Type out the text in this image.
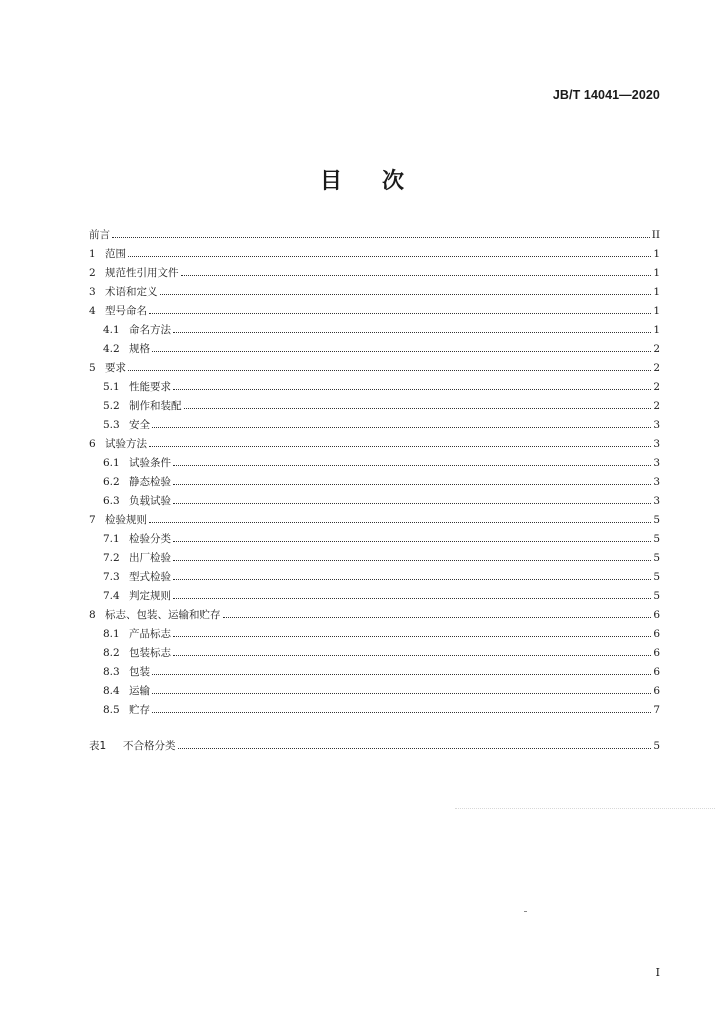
JB/T 14041—2020
目 次
前言	II
1 范围	1
2 规范性引用文件	1
3 术语和定义	1
4 型号命名	1
4.1 命名方法	1
4.2 规格	2
5 要求	2
5.1 性能要求	2
5.2 制作和装配	2
5.3 安全	3
6 试验方法	3
6.1 试验条件	3
6.2 静态检验	3
6.3 负载试验	3
7 检验规则	5
7.1 检验分类	5
7.2 出厂检验	5
7.3 型式检验	5
7.4 判定规则	5
8 标志、包装、运输和贮存	6
8.1 产品标志	6
8.2 包装标志	6
8.3 包装	6
8.4 运输	6
8.5 贮存	7
表1	不合格分类	5
I
